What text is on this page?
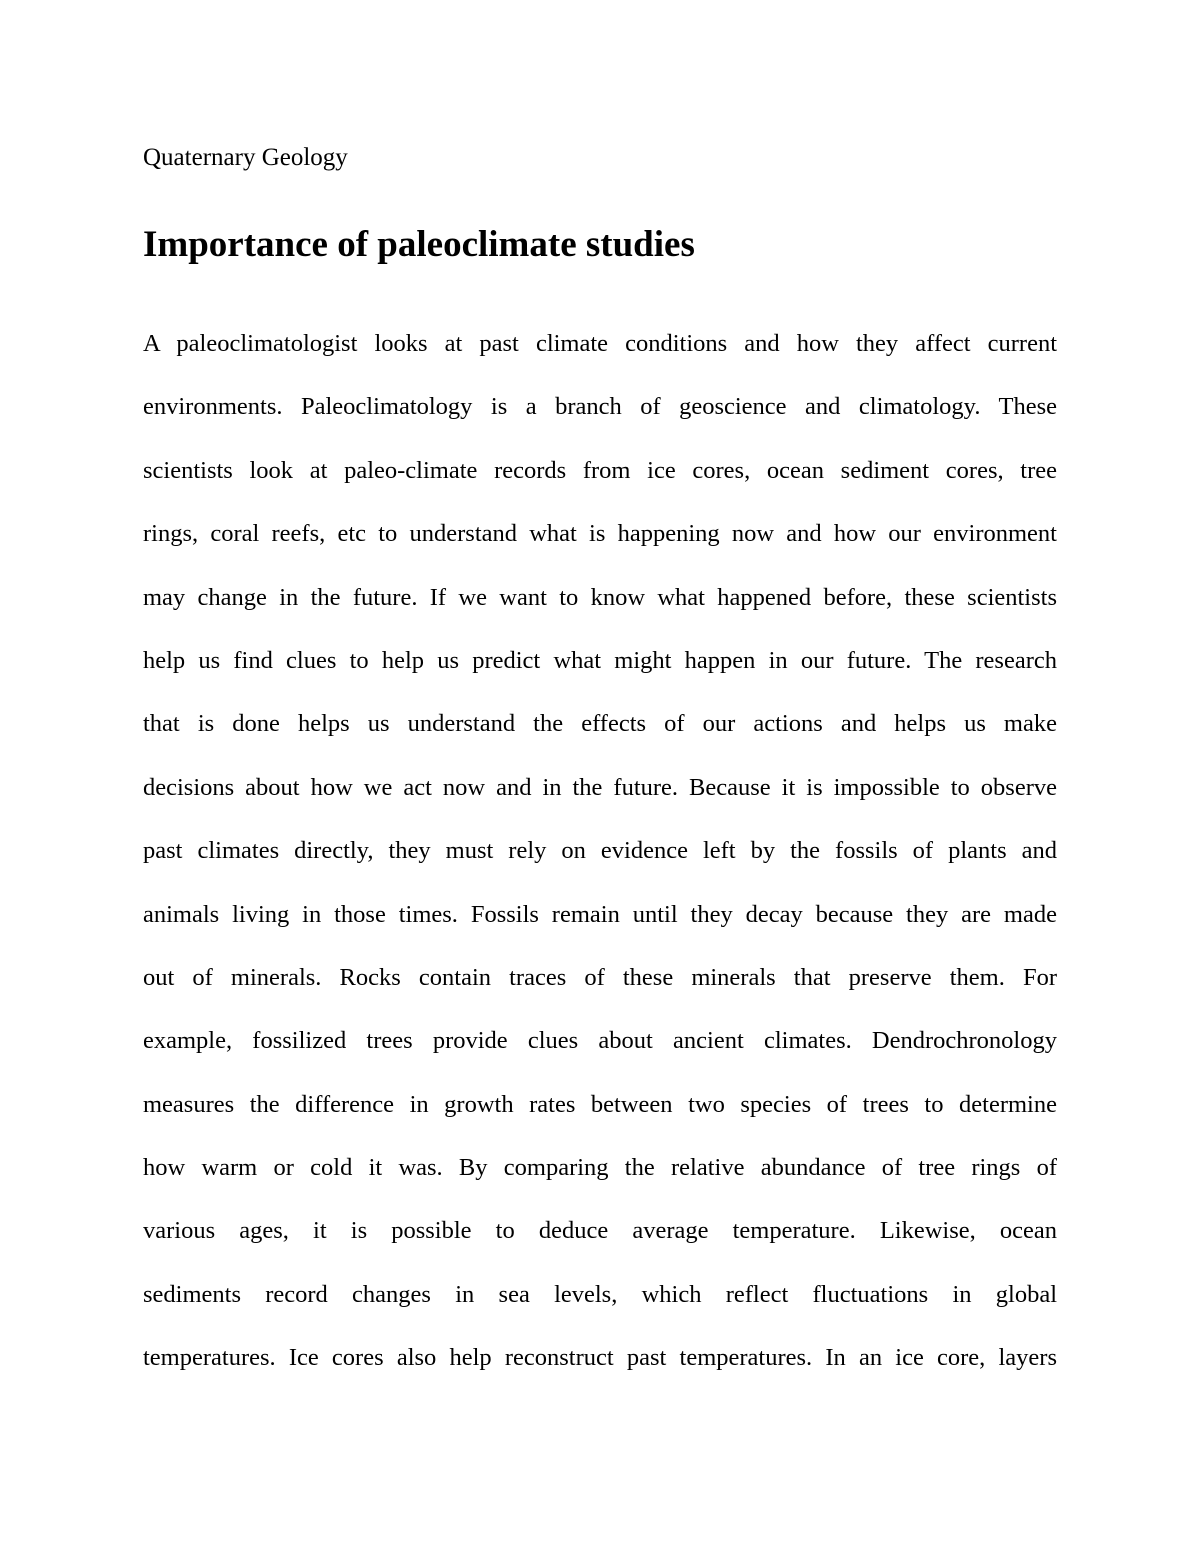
Quaternary Geology

Importance of paleoclimate studies
A paleoclimatologist looks at past climate conditions and how they affect current
environments. Paleoclimatology is a branch of geoscience and climatology. These
scientists look at paleo-climate records from ice cores, ocean sediment cores, tree
rings, coral reefs, etc to understand what is happening now and how our environment
may change in the future. If we want to know what happened before, these scientists
help us find clues to help us predict what might happen in our future. The research
that is done helps us understand the effects of our actions and helps us make
decisions about how we act now and in the future. Because it is impossible to observe
past climates directly, they must rely on evidence left by the fossils of plants and
animals living in those times. Fossils remain until they decay because they are made
out of minerals. Rocks contain traces of these minerals that preserve them. For
example, fossilized trees provide clues about ancient climates. Dendrochronology
measures the difference in growth rates between two species of trees to determine
how warm or cold it was. By comparing the relative abundance of tree rings of
various ages, it is possible to deduce average temperature. Likewise, ocean
sediments record changes in sea levels, which reflect fluctuations in global
temperatures. Ice cores also help reconstruct past temperatures. In an ice core, layers
